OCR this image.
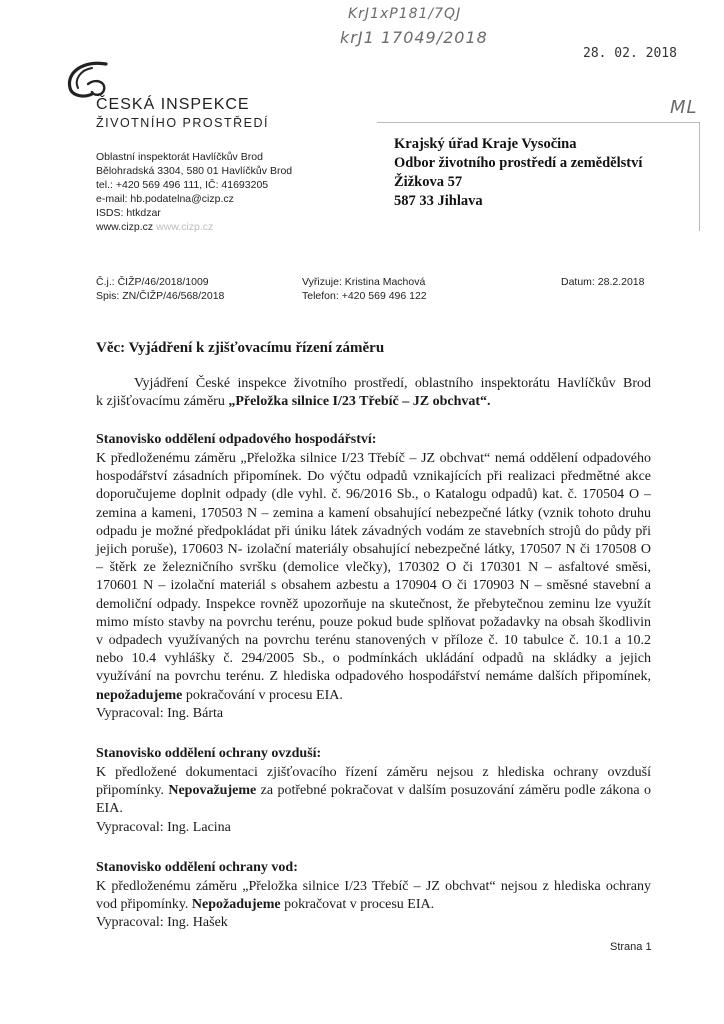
KrJ1xP181/7QJ
krJ1 17049/2018
28. 02. 2018
ML
ČESKÁ INSPEKCE
ŽIVOTNÍHO PROSTŘEDÍ
Oblastní inspektorát Havlíčkův Brod
Bělohradská 3304, 580 01 Havlíčkův Brod
tel.: +420 569 496 111, IČ: 41693205
e-mail: hb.podatelna@cizp.cz
ISDS: htkdzar
www.cizp.cz www.cizp.cz
Krajský úřad Kraje Vysočina
Odbor životního prostředí a zemědělství
Žižkova 57
587 33 Jihlava
Č.j.: ČIŽP/46/2018/1009
Spis: ZN/ČIŽP/46/568/2018
Vyřizuje: Kristina Machová
Telefon: +420 569 496 122
Datum: 28.2.2018
Věc: Vyjádření k zjišťovacímu řízení záměru
Vyjádření České inspekce životního prostředí, oblastního inspektorátu Havlíčkův Brod
k zjišťovacímu záměru „Přeložka silnice I/23 Třebíč – JZ obchvat“.
Stanovisko oddělení odpadového hospodářství:
K předloženému záměru „Přeložka silnice I/23 Třebíč – JZ obchvat“ nemá oddělení odpadového
hospodářství zásadních připomínek. Do výčtu odpadů vznikajících při realizaci předmětné akce
doporučujeme doplnit odpady (dle vyhl. č. 96/2016 Sb., o Katalogu odpadů) kat. č. 170504 O –
zemina a kameni, 170503 N – zemina a kamení obsahující nebezpečné látky (vznik tohoto druhu
odpadu je možné předpokládat při úniku látek závadných vodám ze stavebních strojů do půdy při
jejich poruše), 170603 N- izolační materiály obsahující nebezpečné látky, 170507 N či 170508 O
– štěrk ze železničního svršku (demolice vlečky), 170302 O či 170301 N – asfaltové směsi,
170601 N – izolační materiál s obsahem azbestu a 170904 O či 170903 N – směsné stavební a
demoliční odpady. Inspekce rovněž upozorňuje na skutečnost, že přebytečnou zeminu lze využít
mimo místo stavby na povrchu terénu, pouze pokud bude splňovat požadavky na obsah škodlivin
v odpadech využívaných na povrchu terénu stanovených v příloze č. 10 tabulce č. 10.1 a 10.2
nebo 10.4 vyhlášky č. 294/2005 Sb., o podmínkách ukládání odpadů na skládky a jejich
využívání na povrchu terénu. Z hlediska odpadového hospodářství nemáme dalších připomínek,
nepožadujeme pokračování v procesu EIA.
Vypracoval: Ing. Bárta
Stanovisko oddělení ochrany ovzduší:
K předložené dokumentaci zjišťovacího řízení záměru nejsou z hlediska ochrany ovzduší
připomínky. Nepovažujeme za potřebné pokračovat v dalším posuzování záměru podle zákona o
EIA.
Vypracoval: Ing. Lacina
Stanovisko oddělení ochrany vod:
K předloženému záměru „Přeložka silnice I/23 Třebíč – JZ obchvat“ nejsou z hlediska ochrany
vod připomínky. Nepožadujeme pokračovat v procesu EIA.
Vypracoval: Ing. Hašek
Strana 1
